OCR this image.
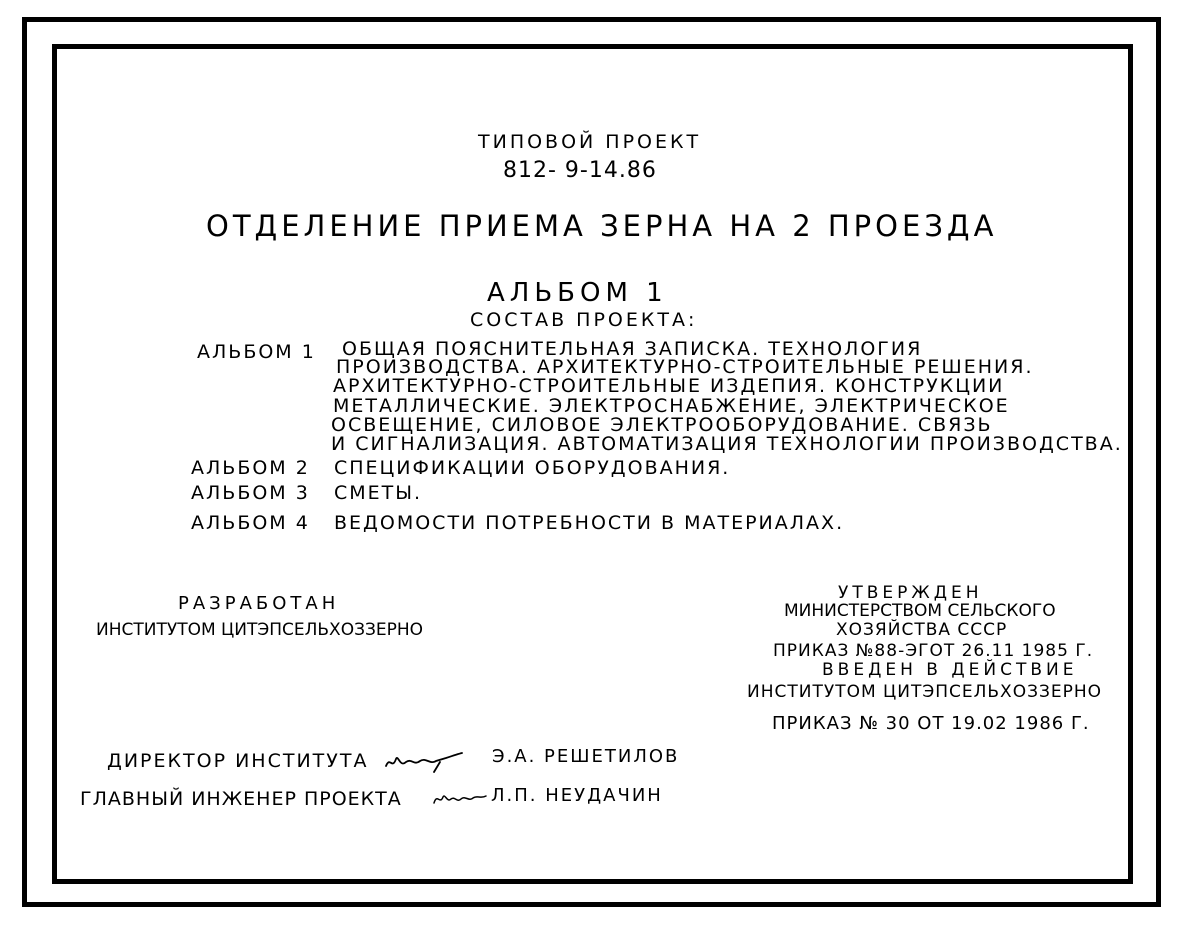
ТИПОВОЙ ПРОЕКТ
812- 9-14.86
ОТДЕЛЕНИЕ ПРИЕМА ЗЕРНА НА 2 ПРОЕЗДА
АЛЬБОМ 1
СОСТАВ ПРОЕКТА:
АЛЬБОМ 1 ОБЩАЯ ПОЯСНИТЕЛЬНАЯ ЗАПИСКА. ТЕХНОЛОГИЯ
ПРОИЗВОДСТВА. АРХИТЕКТУРНО-СТРОИТЕЛЬНЫЕ РЕШЕНИЯ.
АРХИТЕКТУРНО-СТРОИТЕЛЬНЫЕ ИЗДЕПИЯ. КОНСТРУКЦИИ
МЕТАЛЛИЧЕСКИЕ. ЭЛЕКТРОСНАБЖЕНИЕ, ЭЛЕКТРИЧЕСКОЕ
ОСВЕЩЕНИЕ, СИЛОВОЕ ЭЛЕКТРООБОРУДОВАНИЕ. СВЯЗЬ
И СИГНАЛИЗАЦИЯ. АВТОМАТИЗАЦИЯ ТЕХНОЛОГИИ ПРОИЗВОДСТВА.
АЛЬБОМ 2 СПЕЦИФИКАЦИИ ОБОРУДОВАНИЯ.
АЛЬБОМ 3 СМЕТЫ.
АЛЬБОМ 4 ВЕДОМОСТИ ПОТРЕБНОСТИ В МАТЕРИАЛАХ.
РАЗРАБОТАН
ИНСТИТУТОМ ЦИТЭПСЕЛЬХОЗЗЕРНО
УТВЕРЖДЕН
МИНИСТЕРСТВОМ СЕЛЬСКОГО
ХОЗЯЙСТВА СССР
ПРИКАЗ №88-ЭГОТ 26.11 1985 Г.
ВВЕДЕН В ДЕЙСТВИЕ
ИНСТИТУТОМ ЦИТЭПСЕЛЬХОЗЗЕРНО
ПРИКАЗ № 30 ОТ 19.02 1986 Г.
ДИРЕКТОР ИНСТИТУТА	Э.А. РЕШЕТИЛОВ
ГЛАВНЫЙ ИНЖЕНЕР ПРОЕКТА	Л.П. НЕУДАЧИН
